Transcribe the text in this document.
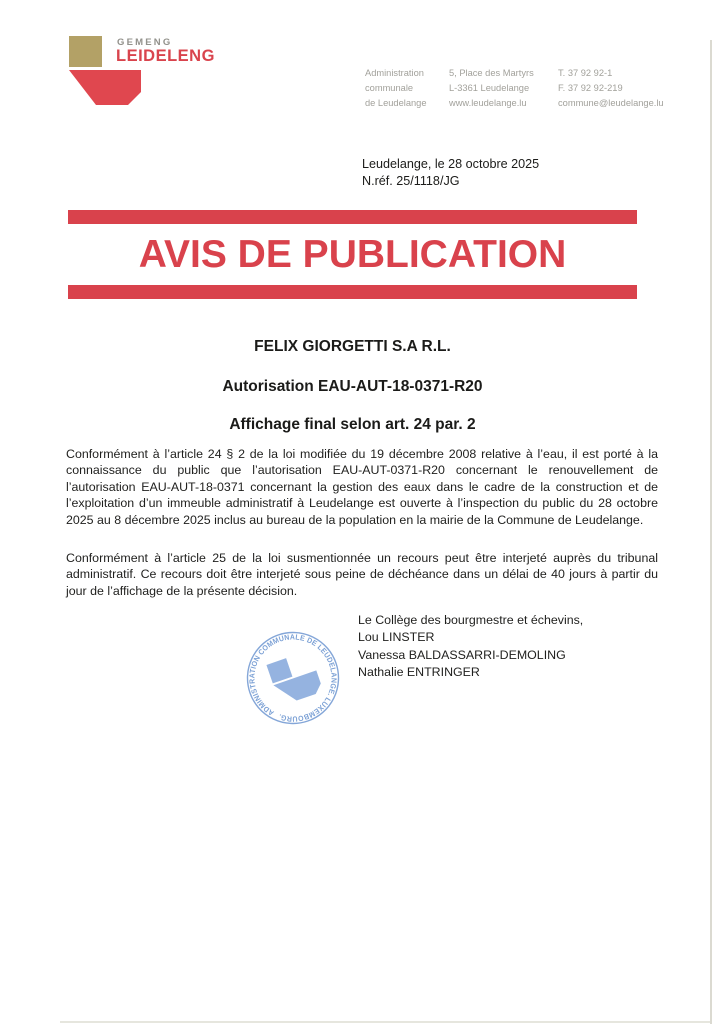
GEMENG
LEIDELENG
Administration
communale
de Leudelange
5, Place des Martyrs
L-3361 Leudelange
www.leudelange.lu
T. 37 92 92-1
F. 37 92 92-219
commune@leudelange.lu
Leudelange, le 28 octobre 2025
N.réf. 25/1118/JG
AVIS DE PUBLICATION
FELIX GIORGETTI S.A R.L.
Autorisation EAU-AUT-18-0371-R20
Affichage final selon art. 24 par. 2
Conformément à l’article 24 § 2 de la loi modifiée du 19 décembre 2008 relative à l’eau, il est porté à la connaissance du public que l’autorisation EAU-AUT-0371-R20 concernant le renouvellement de l’autorisation EAU-AUT-18-0371 concernant la gestion des eaux dans le cadre de la construction et de l’exploitation d’un immeuble administratif à Leudelange est ouverte à l’inspection du public du 28 octobre 2025 au 8 décembre 2025 inclus au bureau de la population en la mairie de la Commune de Leudelange.
Conformément à l’article 25 de la loi susmentionnée un recours peut être interjeté auprès du tribunal administratif. Ce recours doit être interjeté sous peine de déchéance dans un délai de 40 jours à partir du jour de l’affichage de la présente décision.
Le Collège des bourgmestre et échevins,
Lou LINSTER
Vanessa BALDASSARRI-DEMOLING
Nathalie ENTRINGER
ADMINISTRATION COMMUNALE DE LEUDELANGE. LUXEMBOURG.
